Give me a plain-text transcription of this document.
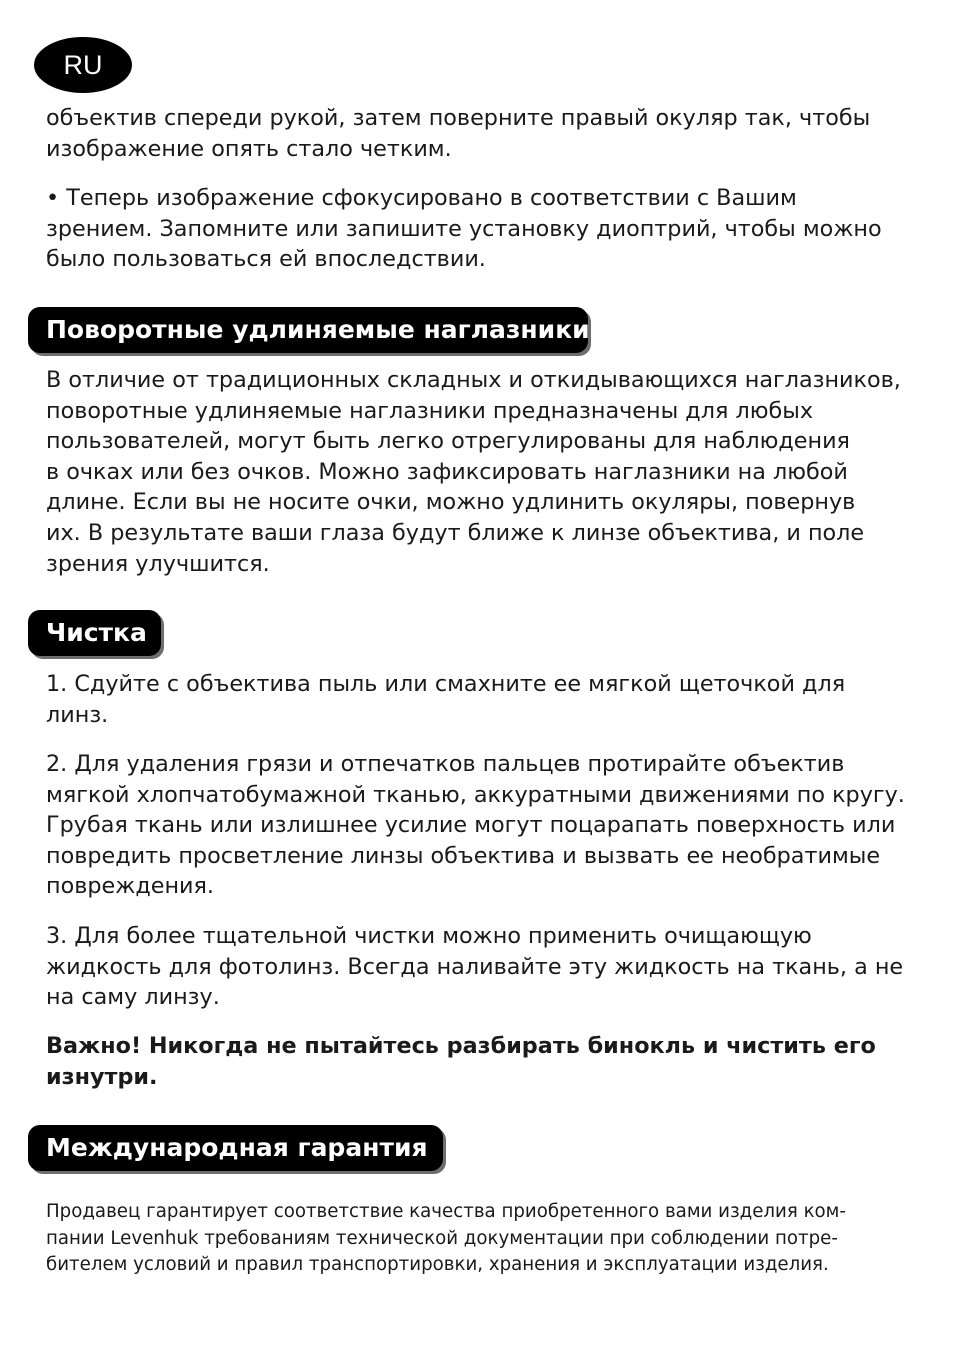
RU

объектив спереди рукой, затем поверните правый окуляр так, чтобы
изображение опять стало четким.

• Теперь изображение сфокусировано в соответствии с Вашим
зрением. Запомните или запишите установку диоптрий, чтобы можно
было пользоваться ей впоследствии.

Поворотные удлиняемые наглазники

В отличие от традиционных складных и откидывающихся наглазников,
поворотные удлиняемые наглазники предназначены для любых
пользователей, могут быть легко отрегулированы для наблюдения
в очках или без очков. Можно зафиксировать наглазники на любой
длине. Если вы не носите очки, можно удлинить окуляры, повернув
их. В результате ваши глаза будут ближе к линзе объектива, и поле
зрения улучшится.

Чистка

1. Сдуйте с объектива пыль или смахните ее мягкой щеточкой для
линз.

2. Для удаления грязи и отпечатков пальцев протирайте объектив
мягкой хлопчатобумажной тканью, аккуратными движениями по кругу.
Грубая ткань или излишнее усилие могут поцарапать поверхность или
повредить просветление линзы объектива и вызвать ее необратимые
повреждения.

3. Для более тщательной чистки можно применить очищающую
жидкость для фотолинз. Всегда наливайте эту жидкость на ткань, а не
на саму линзу.

Важно! Никогда не пытайтесь разбирать бинокль и чистить его
изнутри.

Международная гарантия

Продавец гарантирует соответствие качества приобретенного вами изделия ком-
пании Levenhuk требованиям технической документации при соблюдении потре-
бителем условий и правил транспортировки, хранения и эксплуатации изделия.
